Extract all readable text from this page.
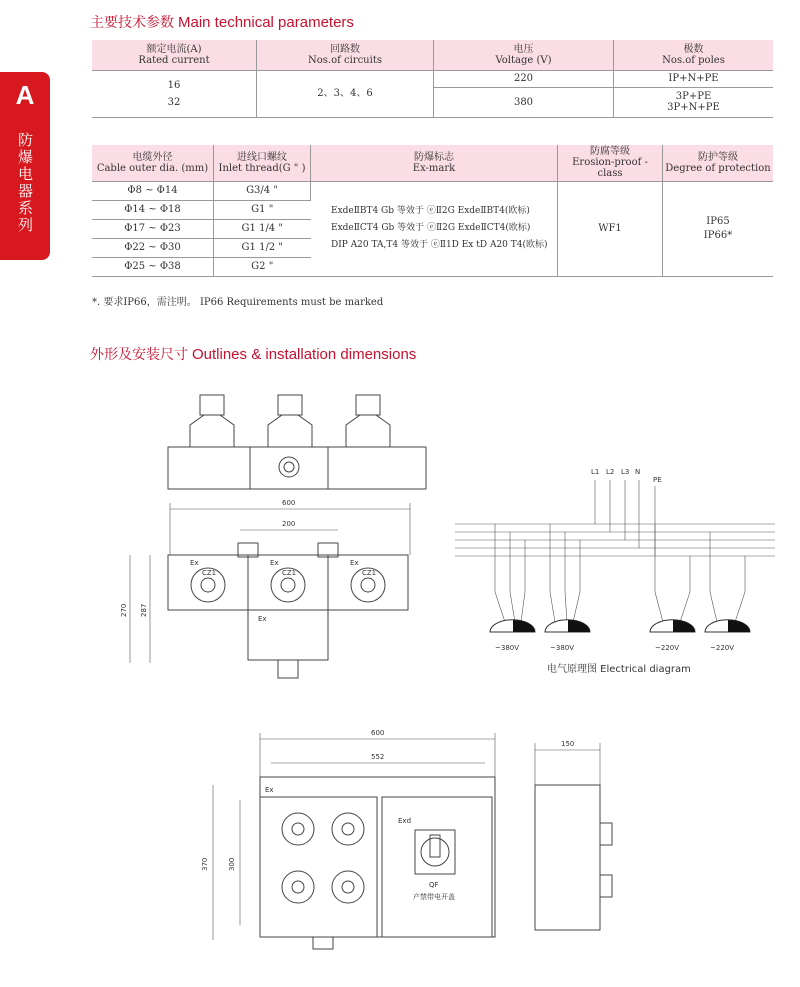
主要技术参数 Main technical parameters
A
防爆电器系列
额定电流(A)
Rated current	回路数
Nos.of circuits	电压
Voltage (V)	极数
Nos.of poles
16
32	2、3、4、6	220	IP+N+PE
		380	3P+PE
3P+N+PE
电缆外径
Cable outer dia. (mm)	进线口螺纹
Inlet thread(G " )	防爆标志
Ex-mark	防腐等级
Erosion-proof -class	防护等级
Degree of protection
Φ8 ~ Φ14	G3/4 "	ExdeⅡBT4 Gb 等效于 ⓔⅡ2G ExdeⅡBT4(欧标)
ExdeⅡCT4 Gb 等效于 ⓔⅡ2G ExdeⅡCT4(欧标)
DIP A20 TA,T4 等效于 ⓔⅡ1D Ex tD A20 T4(欧标)	WF1	IP65
IP66*
Φ14 ~ Φ18	G1 "			
Φ17 ~ Φ23	G1 1/4 "			
Φ22 ~ Φ30	G1 1/2 "			
Φ25 ~ Φ38	G2 "			
*. 要求IP66，需注明。 IP66 Requirements must be marked
外形及安装尺寸 Outlines & installation dimensions
600
200
270 287
Ex	Ex	Ex
Ex
CZ1	CZ1	CZ1
L1 L2 L3 N
PE
~380V	~380V	~220V	~220V
电气原理图 Electrical diagram
600
552
370	300
150
Ex
Exd
QF
产禁带电开盖
